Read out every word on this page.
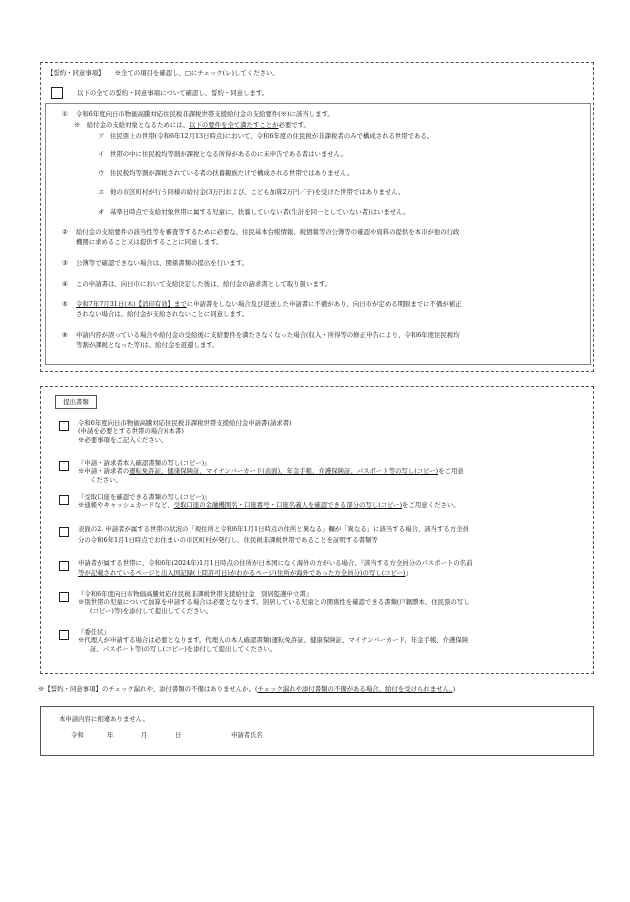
【誓約・同意事項】 ※全ての項目を確認し、□にチェック(レ)してください。
以下の全ての誓約・同意事項について確認し、誓約・同意します。
① 令和6年度向日市物価高騰対応住民税非課税世帯支援給付金の支給要件(※)に該当します。
※　給付金の支給対象となるためには、以下の要件を全て満たすことが必要です。
ア 住民票上の世帯(令和6年12月13日時点)において、令和6年度の住民税が非課税者のみで構成される世帯である。
イ 世帯の中に住民税均等割が課税となる所得があるのに未申告である者はいません。
ウ 住民税均等割が課税されている者の扶養親族だけで構成される世帯ではありません。
エ 他の市区町村が行う同様の給付金(3万円および、こども加算2万円／子)を受けた世帯ではありません。
オ 基準日時点で支給対象世帯に属する児童に、扶養していない者(生計を同一としていない者)はいません。
② 給付金の支給要件の該当性等を審査等するために必要な、住民基本台帳情報、税情報等の公簿等の確認や資料の提供を本市が他の行政
機関に求めること又は提供することに同意します。
③ 公簿等で確認できない場合は、関係書類の提出を行います。
④ この申請書は、向日市において支給決定した後は、給付金の請求書として取り扱います。
⑤ 令和7年7月31日(木)【消印有効】までに申請書をしない場合及び返送した申請書に不備があり、向日市が定める期限までに不備が補正
されない場合は、給付金が支給されないことに同意します。
⑥ 申請内容が誤っている場合や給付金の受給後に支給要件を満たさなくなった場合(収入・所得等の修正申告により、令和6年度住民税均
等割が課税となった等)は、給付金を返還します。
提出書類
令和6年度向日市物価高騰対応住民税非課税世帯支援給付金申請書(請求書)
(申請を必要とする世帯の場合)(本書)
※必要事項をご記入ください。
『申請・請求者本人確認書類の写し(コピー)』
※申請・請求者の運転免許証、健康保険証、マイナンバーカード(表面)、年金手帳、介護保険証、パスポート等の写し(コピー)をご用意
ください。
『受取口座を確認できる書類の写し(コピー)』
※通帳やキャッシュカードなど、受取口座の金融機関名・口座番号・口座名義人を確認できる部分の写し(コピー)をご用意ください。
表面の2. 申請者が属する世帯の状況の「現住所と令和6年1月1日時点の住所と異なる」欄が「異なる」に該当する場合、該当する方全員
分の令和6年1月1日時点でお住まいの市区町村が発行し、住民税非課税世帯であることを証明する書類等
申請者が属する世帯に、令和6年(2024年)1月1日時点の住所が日本国になく海外の方がいる場合、『該当する方全員分のパスポートの名前
等が記載されているページと出入国記録(上陸許可日)がわかるページ(住所が海外であった方全員分)の写し(コピー)』
『令和6年度向日市物価高騰対応住民税非課税世帯支援給付金　別居監護申立書』
※別世帯の児童について加算を申請する場合は必要となります。別居している児童との関係性を確認できる書類(戸籍謄本、住民票の写し
(コピー)等)を添付して提出してください。
『委任状』
※代理人が申請する場合は必要となります。代理人の本人確認書類(運転免許証、健康保険証、マイナンバーカード、年金手帳、介護保険
証、パスポート等)の写し(コピー)を添付して提出してください。
※【誓約・同意事項】のチェック漏れや、添付書類の不備はありませんか。(チェック漏れや添付書類の不備がある場合、給付を受けられません。)
本申請内容に相違ありません。
令和	年	月	日	申請者氏名
